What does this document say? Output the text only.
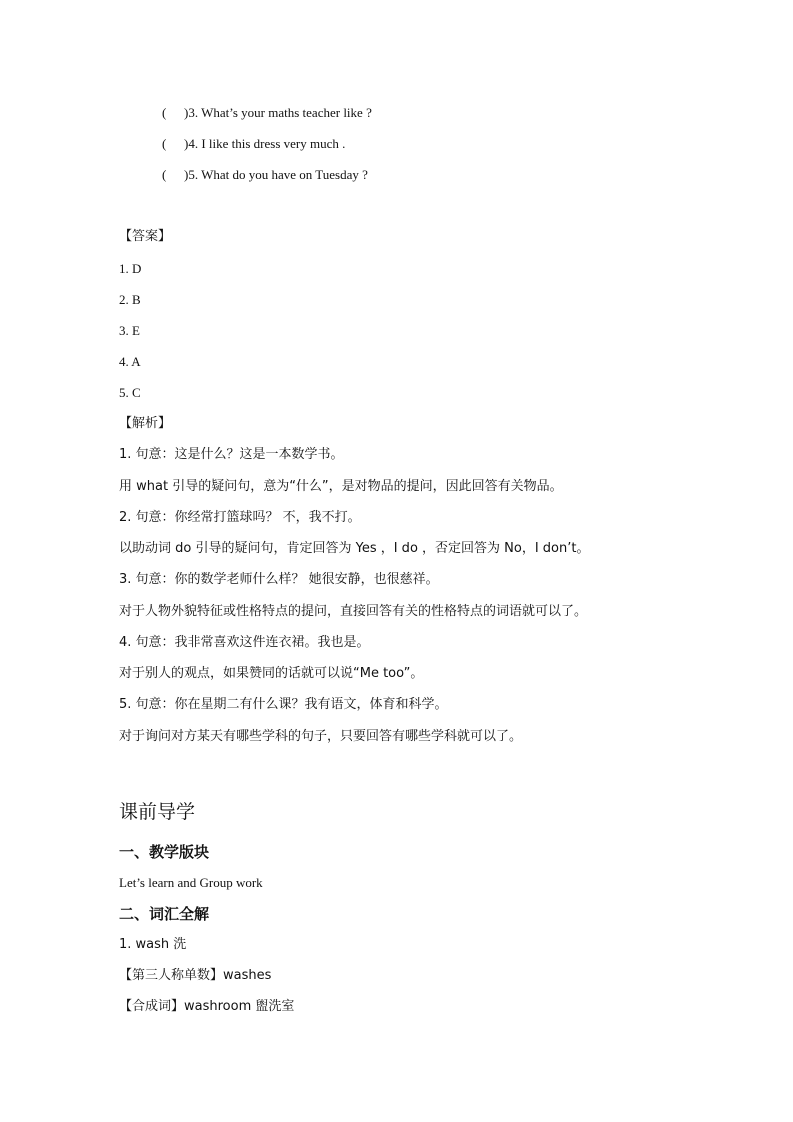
( )3. What’s your maths teacher like ?
( )4. I like this dress very much .
( )5. What do you have on Tuesday ?
【答案】
1. D
2. B
3. E
4. A
5. C
【解析】
1. 句意：这是什么？这是一本数学书。
用 what 引导的疑问句，意为“什么”，是对物品的提问，因此回答有关物品。
2. 句意：你经常打篮球吗？ 不，我不打。
以助动词 do 引导的疑问句，肯定回答为 Yes ，I do ，否定回答为 No，I don’t。
3. 句意：你的数学老师什么样？ 她很安静，也很慈祥。
对于人物外貌特征或性格特点的提问，直接回答有关的性格特点的词语就可以了。
4. 句意：我非常喜欢这件连衣裙。我也是。
对于别人的观点，如果赞同的话就可以说“Me too”。
5. 句意：你在星期二有什么课？我有语文，体育和科学。
对于询问对方某天有哪些学科的句子，只要回答有哪些学科就可以了。
课前导学
一、教学版块
Let’s learn and Group work
二、词汇全解
1. wash 洗
【第三人称单数】washes
【合成词】washroom 盥洗室
